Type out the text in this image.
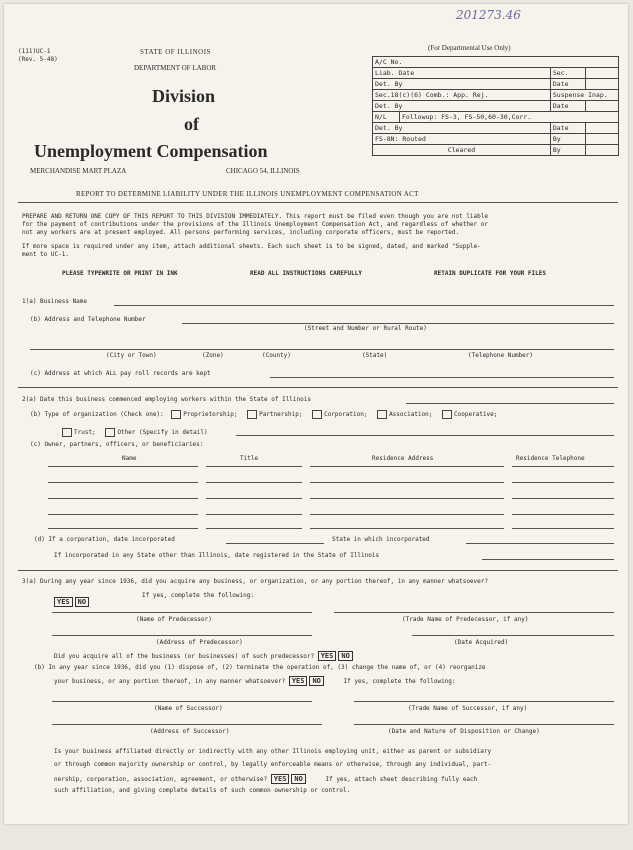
201273.46
(111)UC-1
(Rev. 5-48)
STATE OF ILLINOIS
DEPARTMENT OF LABOR
Division
of
Unemployment Compensation
MERCHANDISE MART PLAZA	CHICAGO 54, ILLINOIS
(For Departmental Use Only)
A/C No.			
Liab. Date		Sec.	
Det. By		Date	
Sec.18(c)(6) Comb.: App. Rej.		Suspense Inap.	
Det. By		Date	
N/L	Followup: FS-3, FS-50,60-30,Corr.		
Det. By		Date	
FS-8N: Routed		By	
Cleared		By	
REPORT TO DETERMINE LIABILITY UNDER THE ILLINOIS UNEMPLOYMENT COMPENSATION ACT
PREPARE AND RETURN ONE COPY OF THIS REPORT TO THIS DIVISION IMMEDIATELY. This report must be filed even though you are not liable
for the payment of contributions under the provisions of the Illinois Unemployment Compensation Act, and regardless of whether or
not any workers are at present employed. All persons performing services, including corporate officers, must be reported.
If more space is required under any item, attach additional sheets. Each such sheet is to be signed, dated, and marked "Supple-
ment to UC-1.
PLEASE TYPEWRITE OR PRINT IN INK	READ ALL INSTRUCTIONS CAREFULLY	RETAIN DUPLICATE FOR YOUR FILES
1(a) Business Name
(b) Address and Telephone Number
(Street and Number or Rural Route)
(City or Town)	(Zone)	(County)	(State)	(Telephone Number)
(c) Address at which ALL pay roll records are kept
2(a) Date this business commenced employing workers within the State of Illinois
(b) Type of organization (Check one):	Proprietorship;	Partnership;	Corporation;	Association;	Cooperative;
Trust;	Other (Specify in detail)
(c) Owner, partners, officers, or beneficiaries:
Name	Title	Residence Address	Residence Telephone
(d) If a corporation, date incorporated	State in which incorporated
If incorporated in any State other than Illinois, date registered in the State of Illinois
3(a) During any year since 1936, did you acquire any business, or organization, or any portion thereof, in any manner whatsoever?
YES NO
If yes, complete the following:
(Name of Predecessor)	(Trade Name of Predecessor, if any)
(Address of Predecessor)	(Date Acquired)
Did you acquire all of the business (or businesses) of such predecessor? YES NO
(b) In any year since 1936, did you (1) dispose of, (2) terminate the operation of, (3) change the name of, or (4) reorganize
your business, or any portion thereof, in any manner whatsoever? YES NO	If yes, complete the following:
(Name of Successor)	(Trade Name of Successor, if any)
(Address of Successor)	(Date and Nature of Disposition or Change)
Is your business affiliated directly or indirectly with any other Illinois employing unit, either as parent or subsidiary
or through common majority ownership or control, by legally enforceable means or otherwise, through any individual, part-
nership, corporation, association, agreement, or otherwise? YES NO	If yes, attach sheet describing fully each
such affiliation, and giving complete details of such common ownership or control.
